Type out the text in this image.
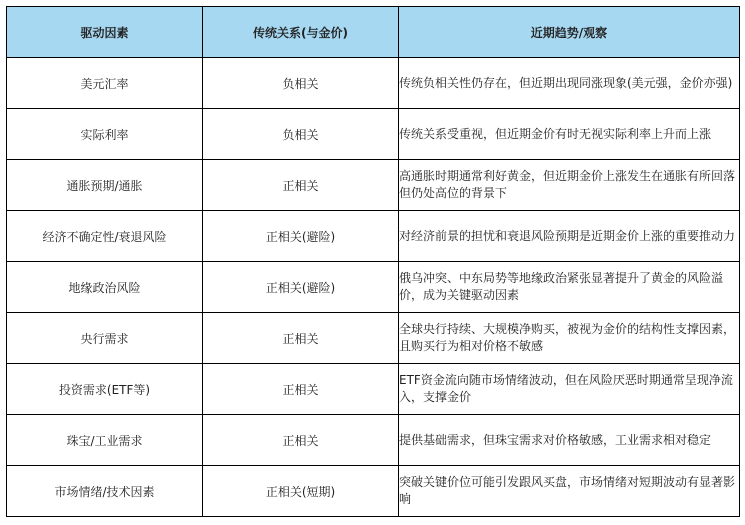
驱动因素	传统关系(与金价)	近期趋势/观察
美元汇率	负相关	传统负相关性仍存在，但近期出现同涨现象(美元强，金价亦强)
实际利率	负相关	传统关系受重视，但近期金价有时无视实际利率上升而上涨
通胀预期/通胀	正相关	高通胀时期通常利好黄金，但近期金价上涨发生在通胀有所回落但仍处高位的背景下
经济不确定性/衰退风险	正相关(避险)	对经济前景的担忧和衰退风险预期是近期金价上涨的重要推动力
地缘政治风险	正相关(避险)	俄乌冲突、中东局势等地缘政治紧张显著提升了黄金的风险溢价，成为关键驱动因素
央行需求	正相关	全球央行持续、大规模净购买，被视为金价的结构性支撑因素，且购买行为相对价格不敏感
投资需求(ETF等)	正相关	ETF资金流向随市场情绪波动，但在风险厌恶时期通常呈现净流入，支撑金价
珠宝/工业需求	正相关	提供基础需求，但珠宝需求对价格敏感，工业需求相对稳定
市场情绪/技术因素	正相关(短期)	突破关键价位可能引发跟风买盘，市场情绪对短期波动有显著影响
